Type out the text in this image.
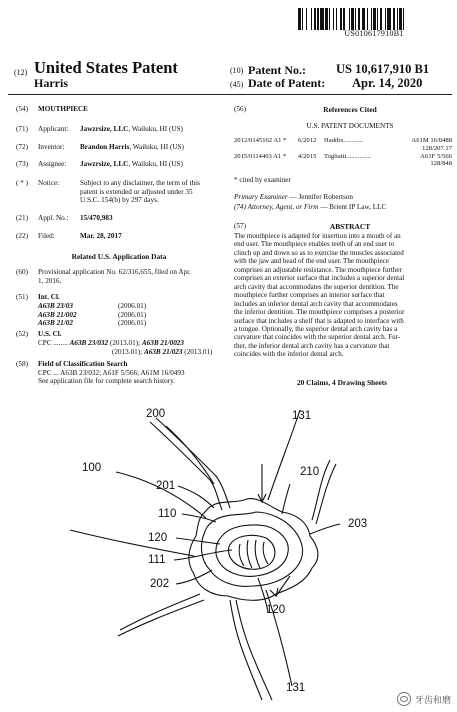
US010617910B1
(12) United States Patent
Harris
(10) Patent No.: US 10,617,910 B1
(45) Date of Patent: Apr. 14, 2020
(54) MOUTHPIECE
(71) Applicant: Jawzrsize, LLC, Wailuku, HI (US)
(72) Inventor: Brandon Harris, Wailuku, HI (US)
(73) Assignee: Jawzrsize, LLC, Wailuku, HI (US)
( * ) Notice:	Subject to any disclaimer, the term of this
patent is extended or adjusted under 35
U.S.C. 154(b) by 297 days.
(21) Appl. No.: 15/470,983
(22) Filed:	Mar. 28, 2017
Related U.S. Application Data
(60) Provisional application No. 62/316,655, filed on Apr.
1, 2016.
(51) Int. Cl.
A63B 23/03	(2006.01)
A63B 21/002	(2006.01)
A63B 21/02	(2006.01)
(52) U.S. Cl.
CPC ........ A63B 23/032 (2013.01); A63B 21/0023
(2013.01); A63B 21/023 (2013.01)
(58) Field of Classification Search
CPC ... A63B 23/032; A61F 5/566; A61M 16/0493
See application file for complete search history.
(56)	References Cited
U.S. PATENT DOCUMENTS
2012/0145162 A1 *	6/2012	Haddix ............	A61M 16/0488
128/207.17
2015/0114403 A1 *	4/2015	Togliatti ...............	A61F 5/566
128/848
* cited by examiner
Primary Examiner — Jennifer Robertson
(74) Attorney, Agent, or Firm — Brient IP Law, LLC
(57)	ABSTRACT
The mouthpiece is adapted for insertion into a mouth of an
end user. The mouthpiece enables teeth of an end user to
clinch up and down so as to exercise the muscles associated
with the jaw and head of the end user. The mouthpiece
comprises an adjustable resistance. The mouthpiece further
comprises an exterior surface that includes a superior dental
arch cavity that accommodates the superior dentition. The
mouthpiece further comprises an interior surface that
includes an inferior dental arch cavity that accommodates
the inferior dentition. The mouthpiece comprises a posterior
surface that includes a shelf that is adapted to interface with
a tongue. Optionally, the superior dental arch cavity has a
curvature that coincides with the superior dental arch. Fur-
ther, the inferior dental arch cavity has a curvature that
coincides with the inferior dental arch.
20 Claims, 4 Drawing Sheets
200
100
131
210
201
110
203
120
111
202
120
131
牙齿和磨
